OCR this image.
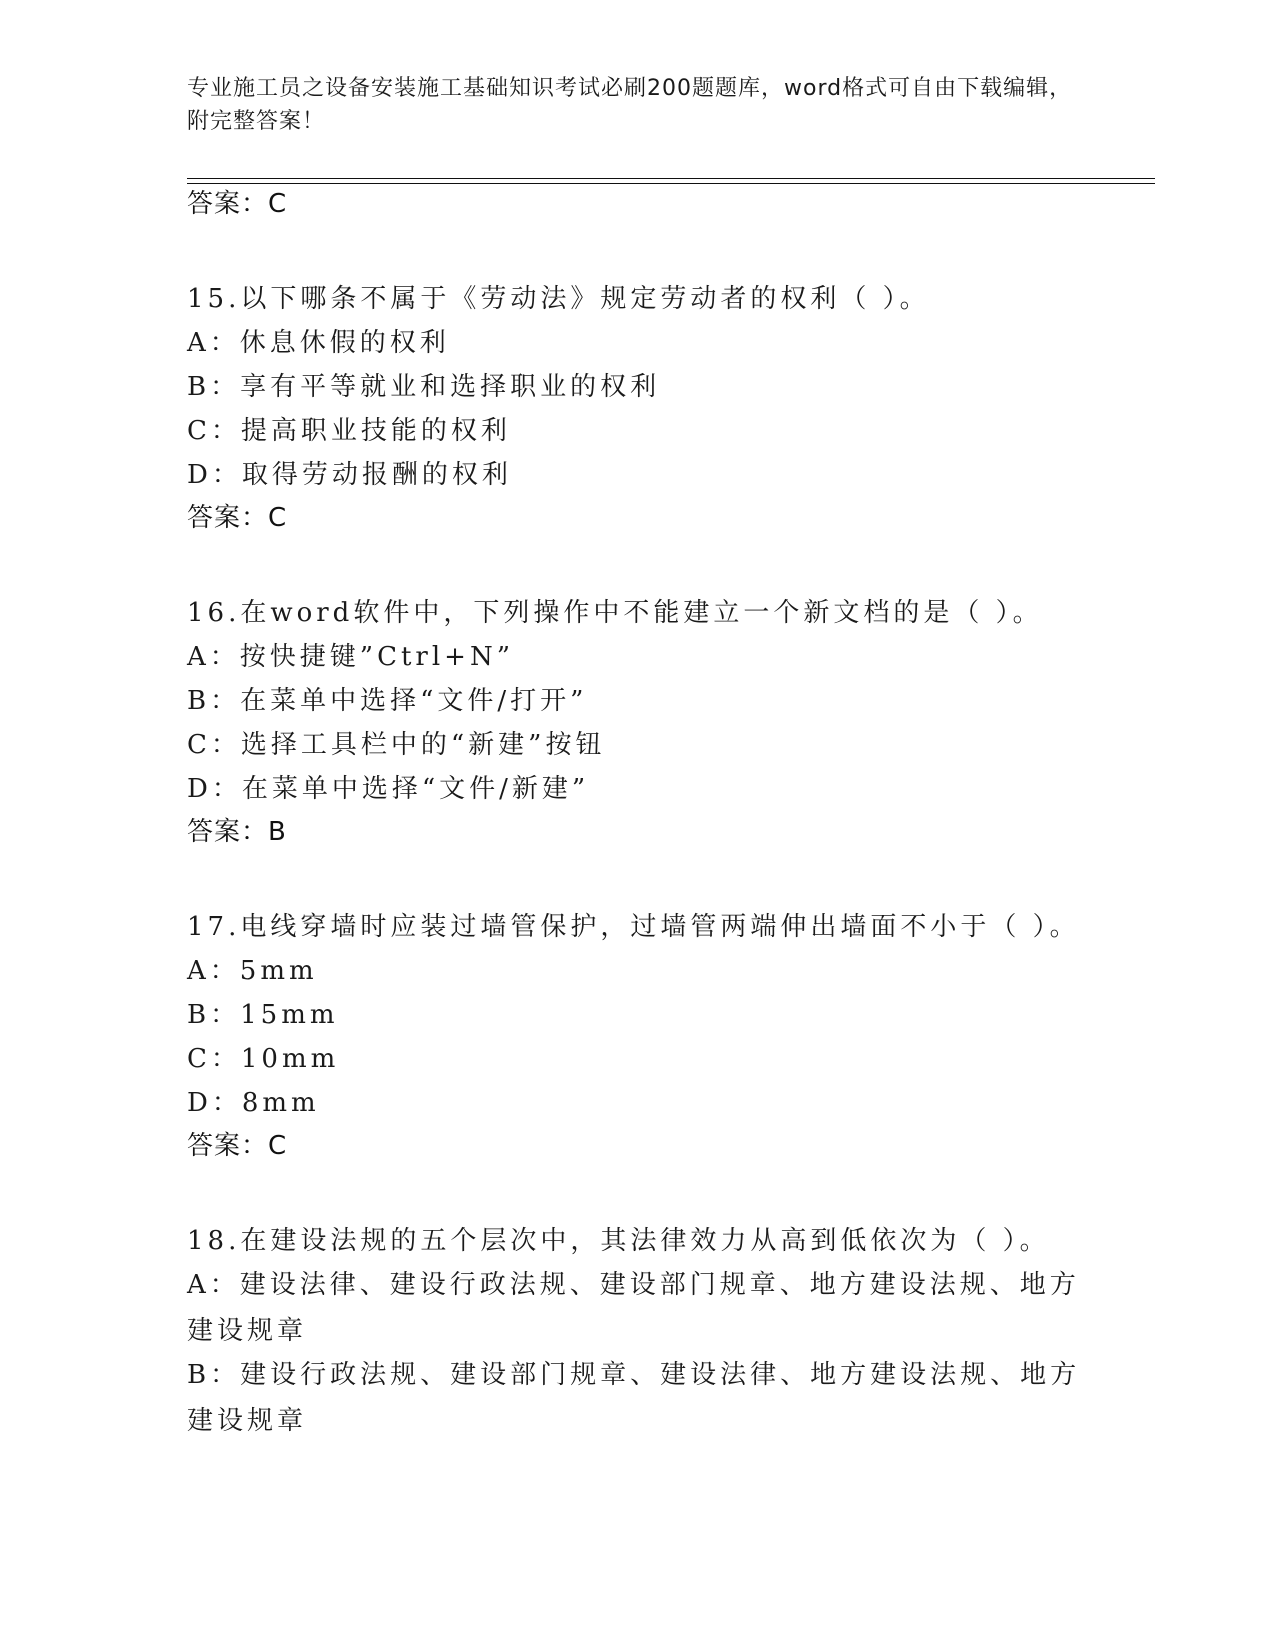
专业施工员之设备安装施工基础知识考试必刷200题题库，word格式可自由下载编辑，附完整答案！
答案：C
15.以下哪条不属于《劳动法》规定劳动者的权利（ ）。
A：休息休假的权利
B：享有平等就业和选择职业的权利
C：提高职业技能的权利
D：取得劳动报酬的权利
答案：C
16.在word软件中，下列操作中不能建立一个新文档的是（ ）。
A：按快捷键”Ctrl+N”
B：在菜单中选择“文件/打开”
C：选择工具栏中的“新建”按钮
D：在菜单中选择“文件/新建”
答案：B
17.电线穿墙时应装过墙管保护，过墙管两端伸出墙面不小于（ ）。
A：5mm
B：15mm
C：10mm
D：8mm
答案：C
18.在建设法规的五个层次中，其法律效力从高到低依次为（ ）。
A：建设法律、建设行政法规、建设部门规章、地方建设法规、地方建设规章
B：建设行政法规、建设部门规章、建设法律、地方建设法规、地方建设规章
